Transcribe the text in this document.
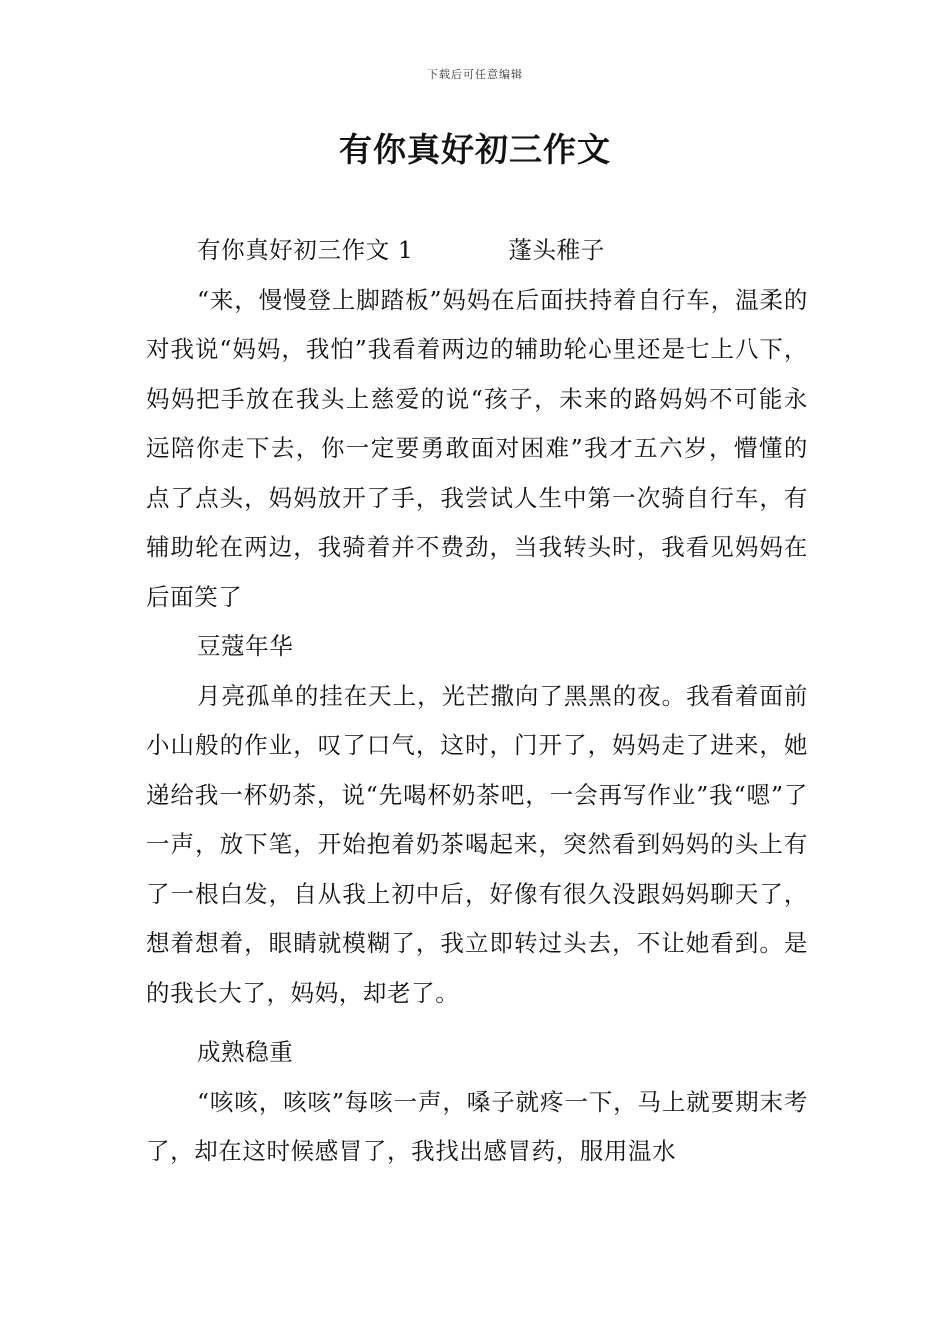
下载后可任意编辑
有你真好初三作文

有你真好初三作文 1	蓬头稚子

“来，慢慢登上脚踏板”妈妈在后面扶持着自行车，温柔的对我说“妈妈，我怕”我看着两边的辅助轮心里还是七上八下，妈妈把手放在我头上慈爱的说“孩子，未来的路妈妈不可能永远陪你走下去，你一定要勇敢面对困难”我才五六岁，懵懂的点了点头，妈妈放开了手，我尝试人生中第一次骑自行车，有辅助轮在两边，我骑着并不费劲，当我转头时，我看见妈妈在后面笑了

豆蔻年华

月亮孤单的挂在天上，光芒撒向了黑黑的夜。我看着面前小山般的作业，叹了口气，这时，门开了，妈妈走了进来，她递给我一杯奶茶，说“先喝杯奶茶吧，一会再写作业”我“嗯”了一声，放下笔，开始抱着奶茶喝起来，突然看到妈妈的头上有了一根白发，自从我上初中后，好像有很久没跟妈妈聊天了，想着想着，眼睛就模糊了，我立即转过头去，不让她看到。是的我长大了，妈妈，却老了。

成熟稳重

“咳咳，咳咳”每咳一声，嗓子就疼一下，马上就要期末考了，却在这时候感冒了，我找出感冒药，服用温水
